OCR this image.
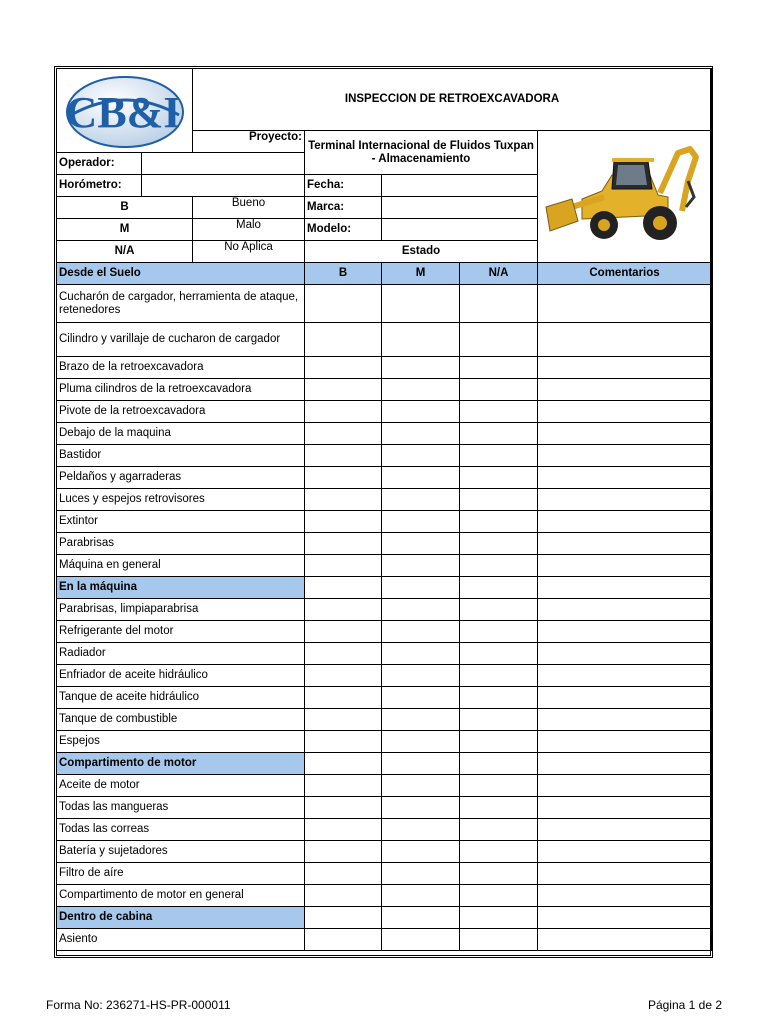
CB&I		INSPECCION DE RETROEXCAVADORA					
		Proyecto:	Terminal Internacional de Fluidos Tuxpan - Almacenamiento	

Operador:							
Horómetro:			Fecha:				
B		Bueno	Marca:				
M		Malo	Modelo:				
N/A		No Aplica	Estado				
Desde el Suelo			B	M	N/A	Comentarios	
Cucharón de cargador, herramienta de ataque, retenedores							
Cilindro y varillaje de cucharon de cargador							
Brazo de la retroexcavadora							
Pluma cilindros de la retroexcavadora							
Pivote de la retroexcavadora							
Debajo de la maquina							
Bastidor							
Peldaños y agarraderas							
Luces y espejos retrovisores							
Extintor							
Parabrisas							
Máquina en general							
En la máquina							
Parabrisas, limpiaparabrisa							
Refrigerante del motor							
Radiador							
Enfriador de aceite hidráulico							
Tanque de aceite hidráulico							
Tanque de combustible							
Espejos							
Compartimento de motor							
Aceite de motor							
Todas las mangueras							
Todas las correas							
Batería y sujetadores							
Filtro de aíre							
Compartimento de motor en general							
Dentro de cabina							
Asiento							
Forma No: 236271-HS-PR-000011	Página 1 de 2
